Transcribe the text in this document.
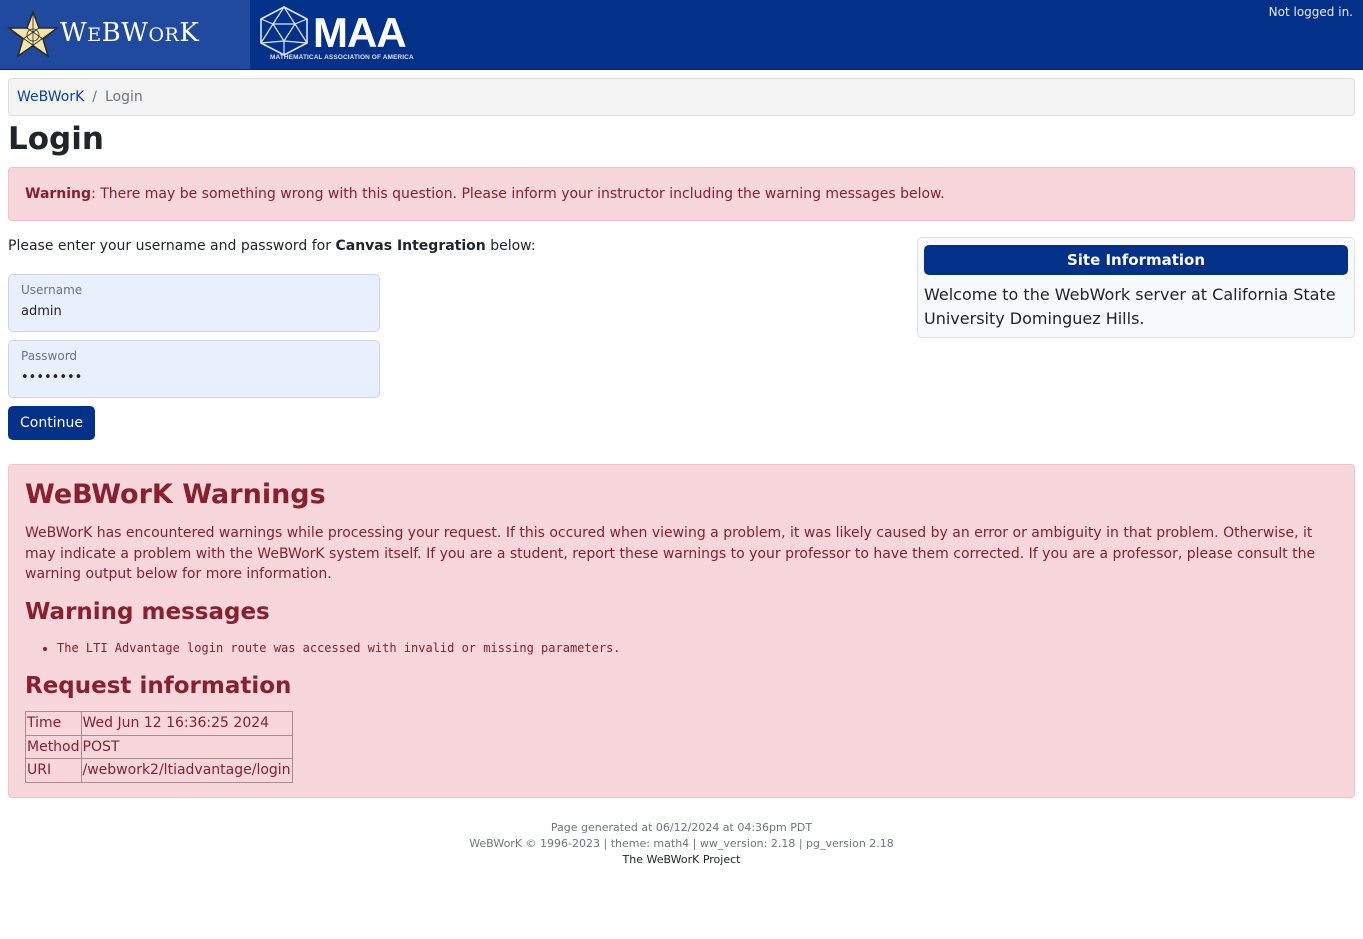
WEBWORK	MAA
MATHEMATICAL ASSOCIATION OF AMERICA
Not logged in.
WeBWorK / Login
Login
Warning: There may be something wrong with this question. Please inform your instructor including the warning messages below.
Please enter your username and password for Canvas Integration below:
Username
admin
Password
••••••••
Continue
Site Information
Welcome to the WebWork server at California State University Dominguez Hills.
WeBWorK Warnings

WeBWorK has encountered warnings while processing your request. If this occured when viewing a problem, it was likely caused by an error or ambiguity in that problem. Otherwise, it may indicate a problem with the WeBWorK system itself. If you are a student, report these warnings to your professor to have them corrected. If you are a professor, please consult the warning output below for more information.

Warning messages
• The LTI Advantage login route was accessed with invalid or missing parameters.
Request information
Time	Wed Jun 12 16:36:25 2024
Method	POST
URI	/webwork2/ltiadvantage/login
Page generated at 06/12/2024 at 04:36pm PDT
WeBWorK © 1996-2023 | theme: math4 | ww_version: 2.18 | pg_version 2.18
The WeBWorK Project
